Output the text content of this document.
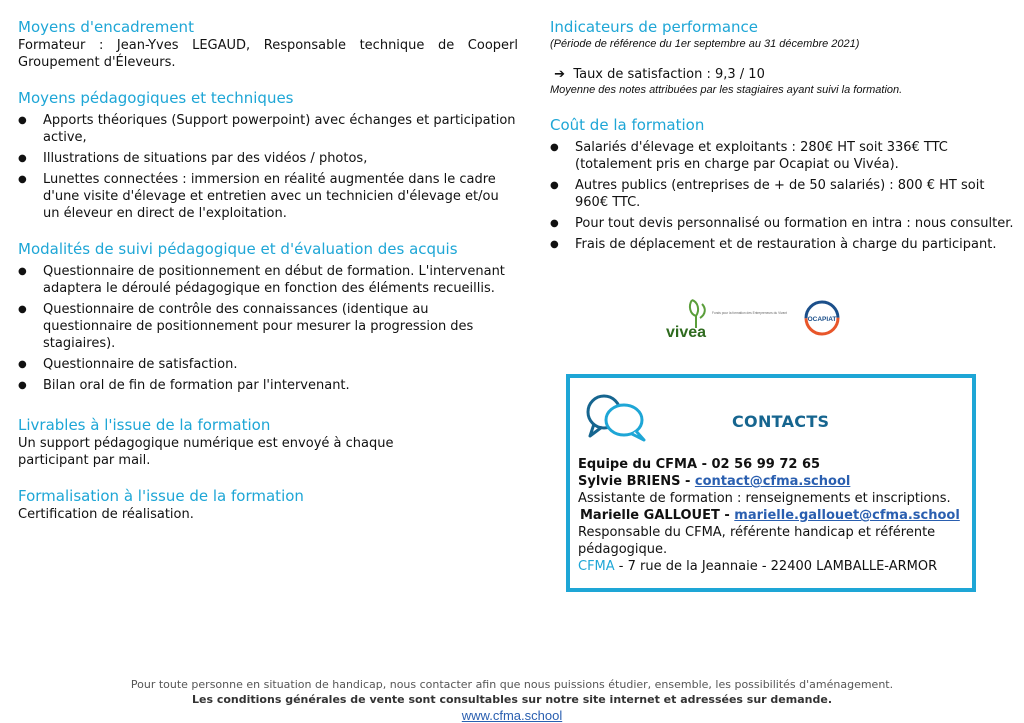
Moyens d'encadrement

Formateur : Jean-Yves LEGAUD, Responsable technique de Cooperl Groupement d'Éleveurs.

Moyens pédagogiques et techniques
● Apports théoriques (Support powerpoint) avec échanges et participation active,
● Illustrations de situations par des vidéos / photos,
● Lunettes connectées : immersion en réalité augmentée dans le cadre d'une visite d'élevage et entretien avec un technicien d'élevage et/ou un éleveur en direct de l'exploitation.
Modalités de suivi pédagogique et d'évaluation des acquis
● Questionnaire de positionnement en début de formation. L'intervenant adaptera le déroulé pédagogique en fonction des éléments recueillis.
● Questionnaire de contrôle des connaissances (identique au questionnaire de positionnement pour mesurer la progression des stagiaires).
● Questionnaire de satisfaction.
● Bilan oral de fin de formation par l'intervenant.
Livrables à l'issue de la formation

Un support pédagogique numérique est envoyé à chaque participant par mail.

Formalisation à l'issue de la formation

Certification de réalisation.

Indicateurs de performance

(Période de référence du 1er septembre au 31 décembre 2021)

➔ Taux de satisfaction : 9,3 / 10

Moyenne des notes attribuées par les stagiaires ayant suivi la formation.

Coût de la formation
● Salariés d'élevage et exploitants : 280€ HT soit 336€ TTC (totalement pris en charge par Ocapiat ou Vivéa).
● Autres publics (entreprises de + de 50 salariés) : 800 € HT soit 960€ TTC.
● Pour tout devis personnalisé ou formation en intra : nous consulter.
● Frais de déplacement et de restauration à charge du participant.
vivea
Fonds pour la formation des Entrepreneurs du Vivant
OCAPIAT
CONTACTS
Equipe du CFMA - 02 56 99 72 65
Sylvie BRIENS - contact@cfma.school
Assistante de formation : renseignements et inscriptions.
Marielle GALLOUET - marielle.gallouet@cfma.school
Responsable du CFMA, référente handicap et référente pédagogique.
CFMA - 7 rue de la Jeannaie - 22400 LAMBALLE-ARMOR
Pour toute personne en situation de handicap, nous contacter afin que nous puissions étudier, ensemble, les possibilités d'aménagement.
Les conditions générales de vente sont consultables sur notre site internet et adressées sur demande.
www.cfma.school
